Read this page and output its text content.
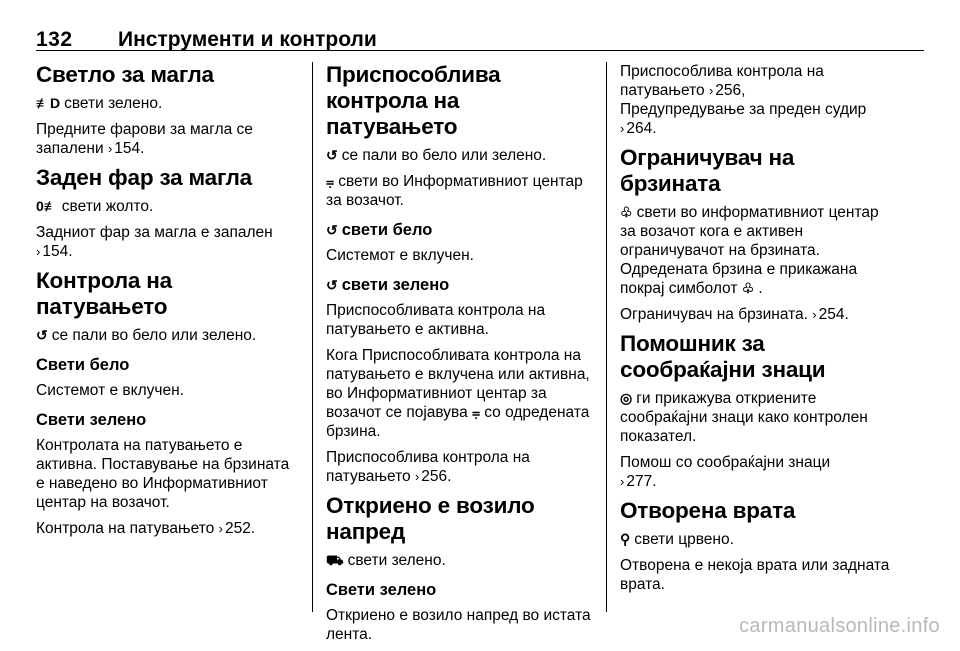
132 Инструменти и контроли
Светло за магла

≢D свети зелено.

Предните фарови за магла се запалени › 154.

Заден фар за магла

0≢ свети жолто.

Задниот фар за магла е запален
› 154.

Контрола на патувањето

↺ се пали во бело или зелено.

Свети бело

Системот е вклучен.

Свети зелено

Контролата на патувањето е активна. Поставување на брзината е наведено во Информативниот центар на возачот.

Контрола на патувањето › 252.

Приспособлива контрола на патувањето

↺ се пали во бело или зелено.

⩦ свети во Информативниот центар за возачот.

↺ свети бело

Системот е вклучен.

↺ свети зелено

Приспособливата контрола на патувањето е активна.

Кога Приспособливата контрола на патувањето е вклучена или активна, во Информативниот центар за возачот се појавува ⩦ со одредената брзина.

Приспособлива контрола на патувањето › 256.

Откриено е возило напред

⛟ свети зелено.

Свети зелено

Откриено е возило напред во истата лента.

Приспособлива контрола на патувањето › 256,
Предупредување за преден судир
› 264.

Ограничувач на брзината

♧ свети во информативниот центар за возачот кога е активен ограничувачот на брзината. Одредената брзина е прикажана покрај симболот ♧ .

Ограничувач на брзината. › 254.

Помошник за сообраќајни знаци

◎ ги прикажува откриените сообраќајни знаци како контролен показател.

Помош со сообраќајни знаци
› 277.

Отворена врата

⚲ свети црвено.

Отворена е некоја врата или задната врата.

carmanualsonline.info
